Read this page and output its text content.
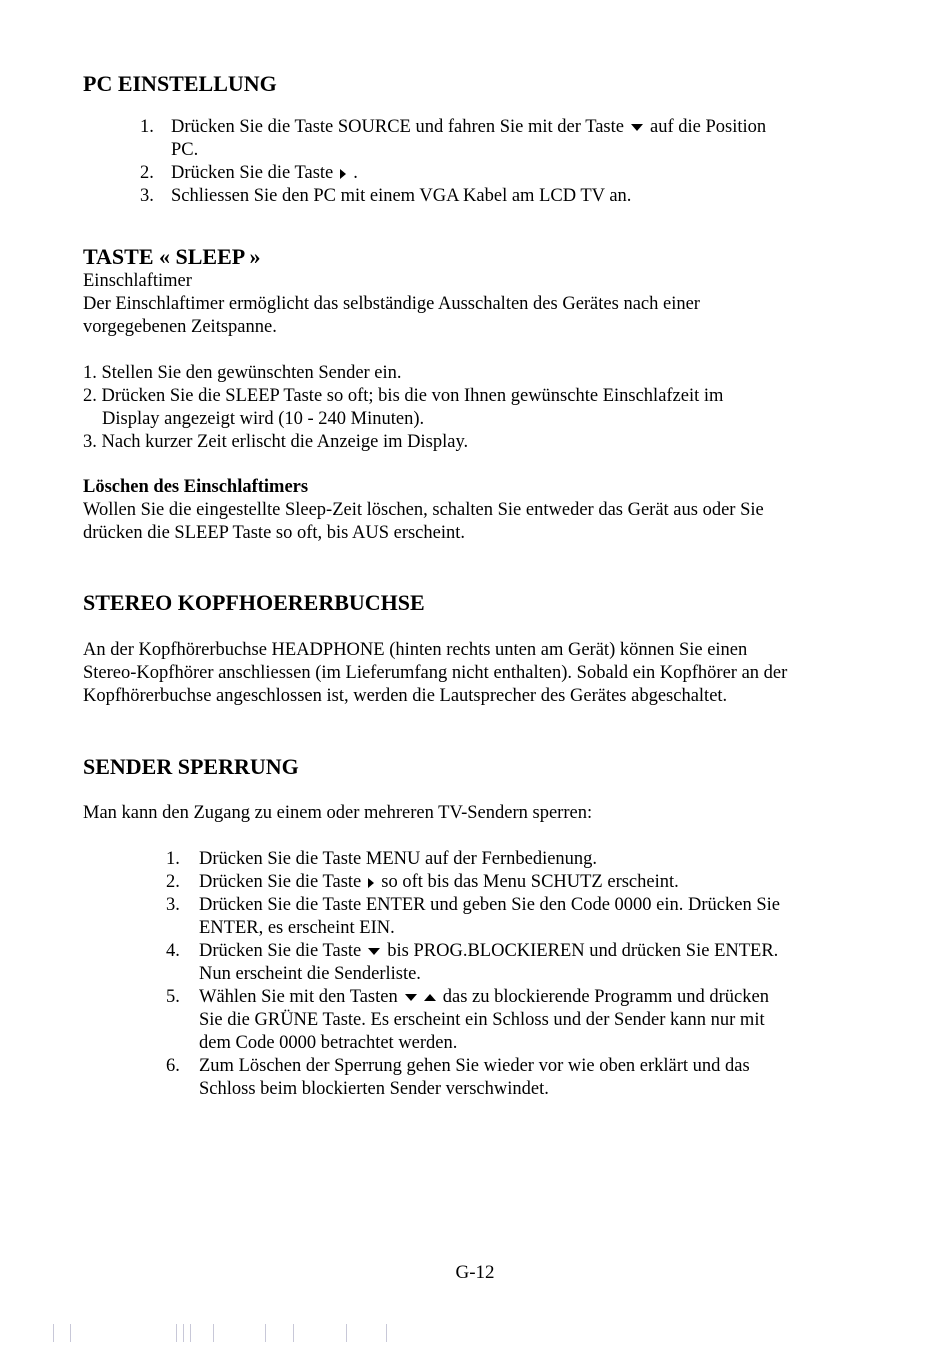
PC EINSTELLUNG
1. Drücken Sie die Taste SOURCE und fahren Sie mit der Taste auf die Position
PC.
2. Drücken Sie die Taste .
3. Schliessen Sie den PC mit einem VGA Kabel am LCD TV an.
TASTE « SLEEP »
Einschlaftimer
Der Einschlaftimer ermöglicht das selbständige Ausschalten des Gerätes nach einer
vorgegebenen Zeitspanne.
1. Stellen Sie den gewünschten Sender ein.
2. Drücken Sie die SLEEP Taste so oft; bis die von Ihnen gewünschte Einschlafzeit im
Display angezeigt wird (10 - 240 Minuten).
3. Nach kurzer Zeit erlischt die Anzeige im Display.
Löschen des Einschlaftimers
Wollen Sie die eingestellte Sleep-Zeit löschen, schalten Sie entweder das Gerät aus oder Sie
drücken die SLEEP Taste so oft, bis AUS erscheint.
STEREO KOPFHOERERBUCHSE
An der Kopfhörerbuchse HEADPHONE (hinten rechts unten am Gerät) können Sie einen
Stereo-Kopfhörer anschliessen (im Lieferumfang nicht enthalten). Sobald ein Kopfhörer an der
Kopfhörerbuchse angeschlossen ist, werden die Lautsprecher des Gerätes abgeschaltet.
SENDER SPERRUNG
Man kann den Zugang zu einem oder mehreren TV-Sendern sperren:
1. Drücken Sie die Taste MENU auf der Fernbedienung.
2. Drücken Sie die Taste so oft bis das Menu SCHUTZ erscheint.
3. Drücken Sie die Taste ENTER und geben Sie den Code 0000 ein. Drücken Sie
ENTER, es erscheint EIN.
4. Drücken Sie die Taste bis PROG.BLOCKIEREN und drücken Sie ENTER.
Nun erscheint die Senderliste.
5. Wählen Sie mit den Tasten das zu blockierende Programm und drücken
Sie die GRÜNE Taste. Es erscheint ein Schloss und der Sender kann nur mit
dem Code 0000 betrachtet werden.
6. Zum Löschen der Sperrung gehen Sie wieder vor wie oben erklärt und das
Schloss beim blockierten Sender verschwindet.
G-12
